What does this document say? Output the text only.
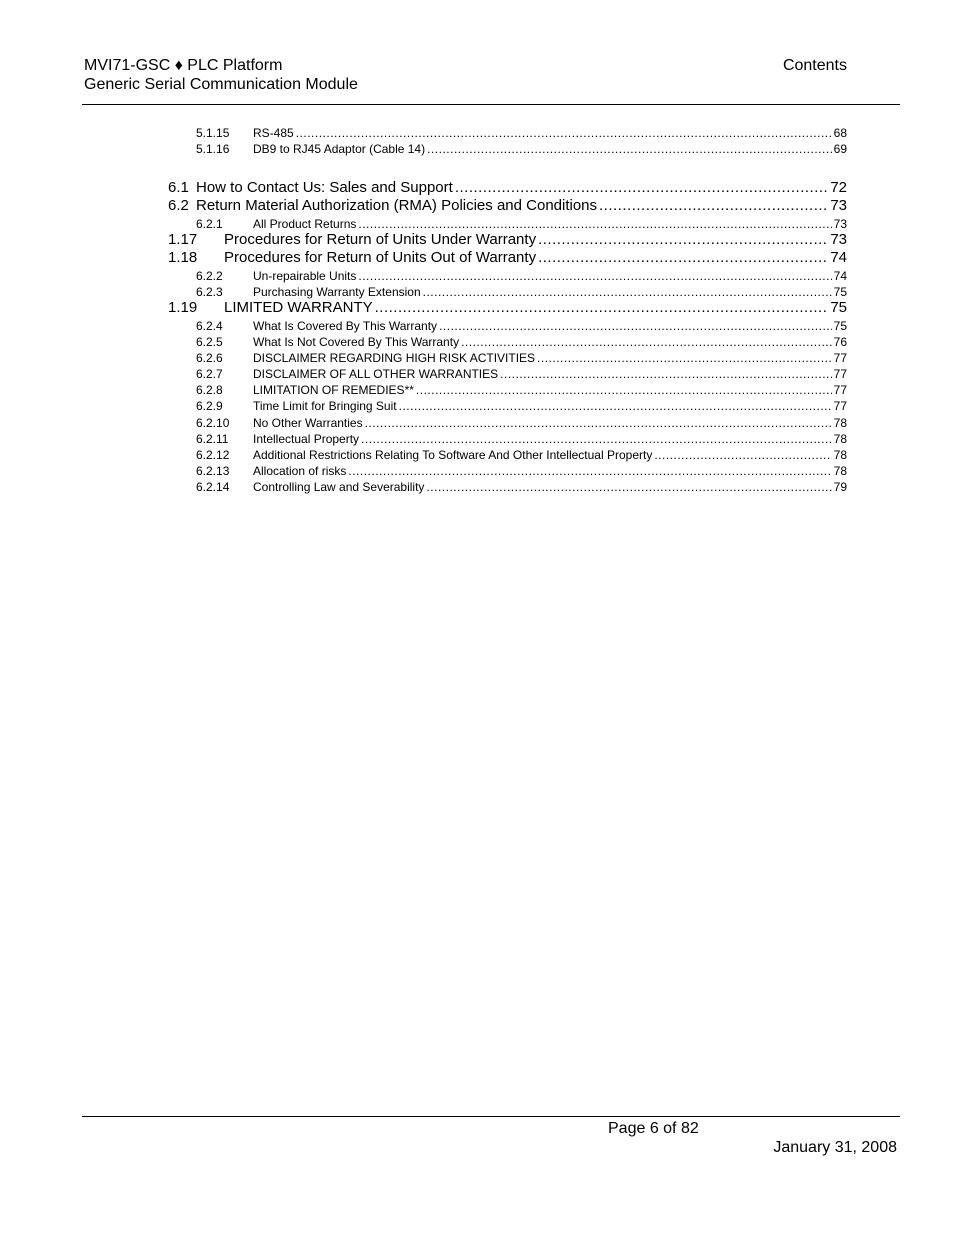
MVI71-GSC ♦ PLC Platform
Generic Serial Communication Module
Contents
5.1.15	RS-485 .....	68
5.1.16	DB9 to RJ45 Adaptor (Cable 14) .....	69
6.1 How to Contact Us: Sales and Support .....	72
6.2 Return Material Authorization (RMA) Policies and Conditions .....	73
6.2.1	All Product Returns .....	73
1.17	Procedures for Return of Units Under Warranty .....	73
1.18	Procedures for Return of Units Out of Warranty .....	74
6.2.2	Un-repairable Units .....	74
6.2.3	Purchasing Warranty Extension .....	75
1.19	LIMITED WARRANTY .....	75
6.2.4	What Is Covered By This Warranty .....	75
6.2.5	What Is Not Covered By This Warranty .....	76
6.2.6	DISCLAIMER REGARDING HIGH RISK ACTIVITIES .....	77
6.2.7	DISCLAIMER OF ALL OTHER WARRANTIES .....	77
6.2.8	LIMITATION OF REMEDIES** .....	77
6.2.9	Time Limit for Bringing Suit .....	77
6.2.10	No Other Warranties .....	78
6.2.11	Intellectual Property .....	78
6.2.12	Additional Restrictions Relating To Software And Other Intellectual Property .....	78
6.2.13	Allocation of risks .....	78
6.2.14	Controlling Law and Severability .....	79
Page 6 of 82
January 31, 2008
